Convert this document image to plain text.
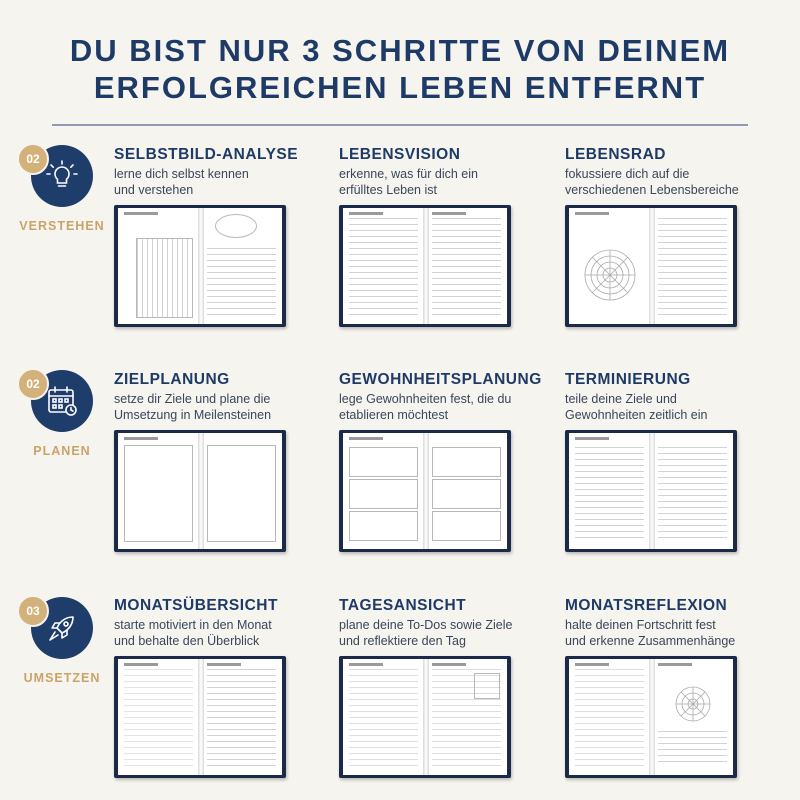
DU BIST NUR 3 SCHRITTE VON DEINEM
ERFOLGREICHEN LEBEN ENTFERNT
02
VERSTEHEN
02
PLANEN
03
UMSETZEN
SELBSTBILD-ANALYSE

lerne dich selbst kennen
und verstehen

LEBENSVISION

erkenne, was für dich ein
erfülltes Leben ist

LEBENSRAD

fokussiere dich auf die
verschiedenen Lebensbereiche

ZIELPLANUNG

setze dir Ziele und plane die
Umsetzung in Meilensteinen

GEWOHNHEITSPLANUNG

lege Gewohnheiten fest, die du
etablieren möchtest

TERMINIERUNG

teile deine Ziele und
Gewohnheiten zeitlich ein

MONATSÜBERSICHT

starte motiviert in den Monat
und behalte den Überblick

TAGESANSICHT

plane deine To-Dos sowie Ziele
und reflektiere den Tag

MONATSREFLEXION

halte deinen Fortschritt fest
und erkenne Zusammenhänge
